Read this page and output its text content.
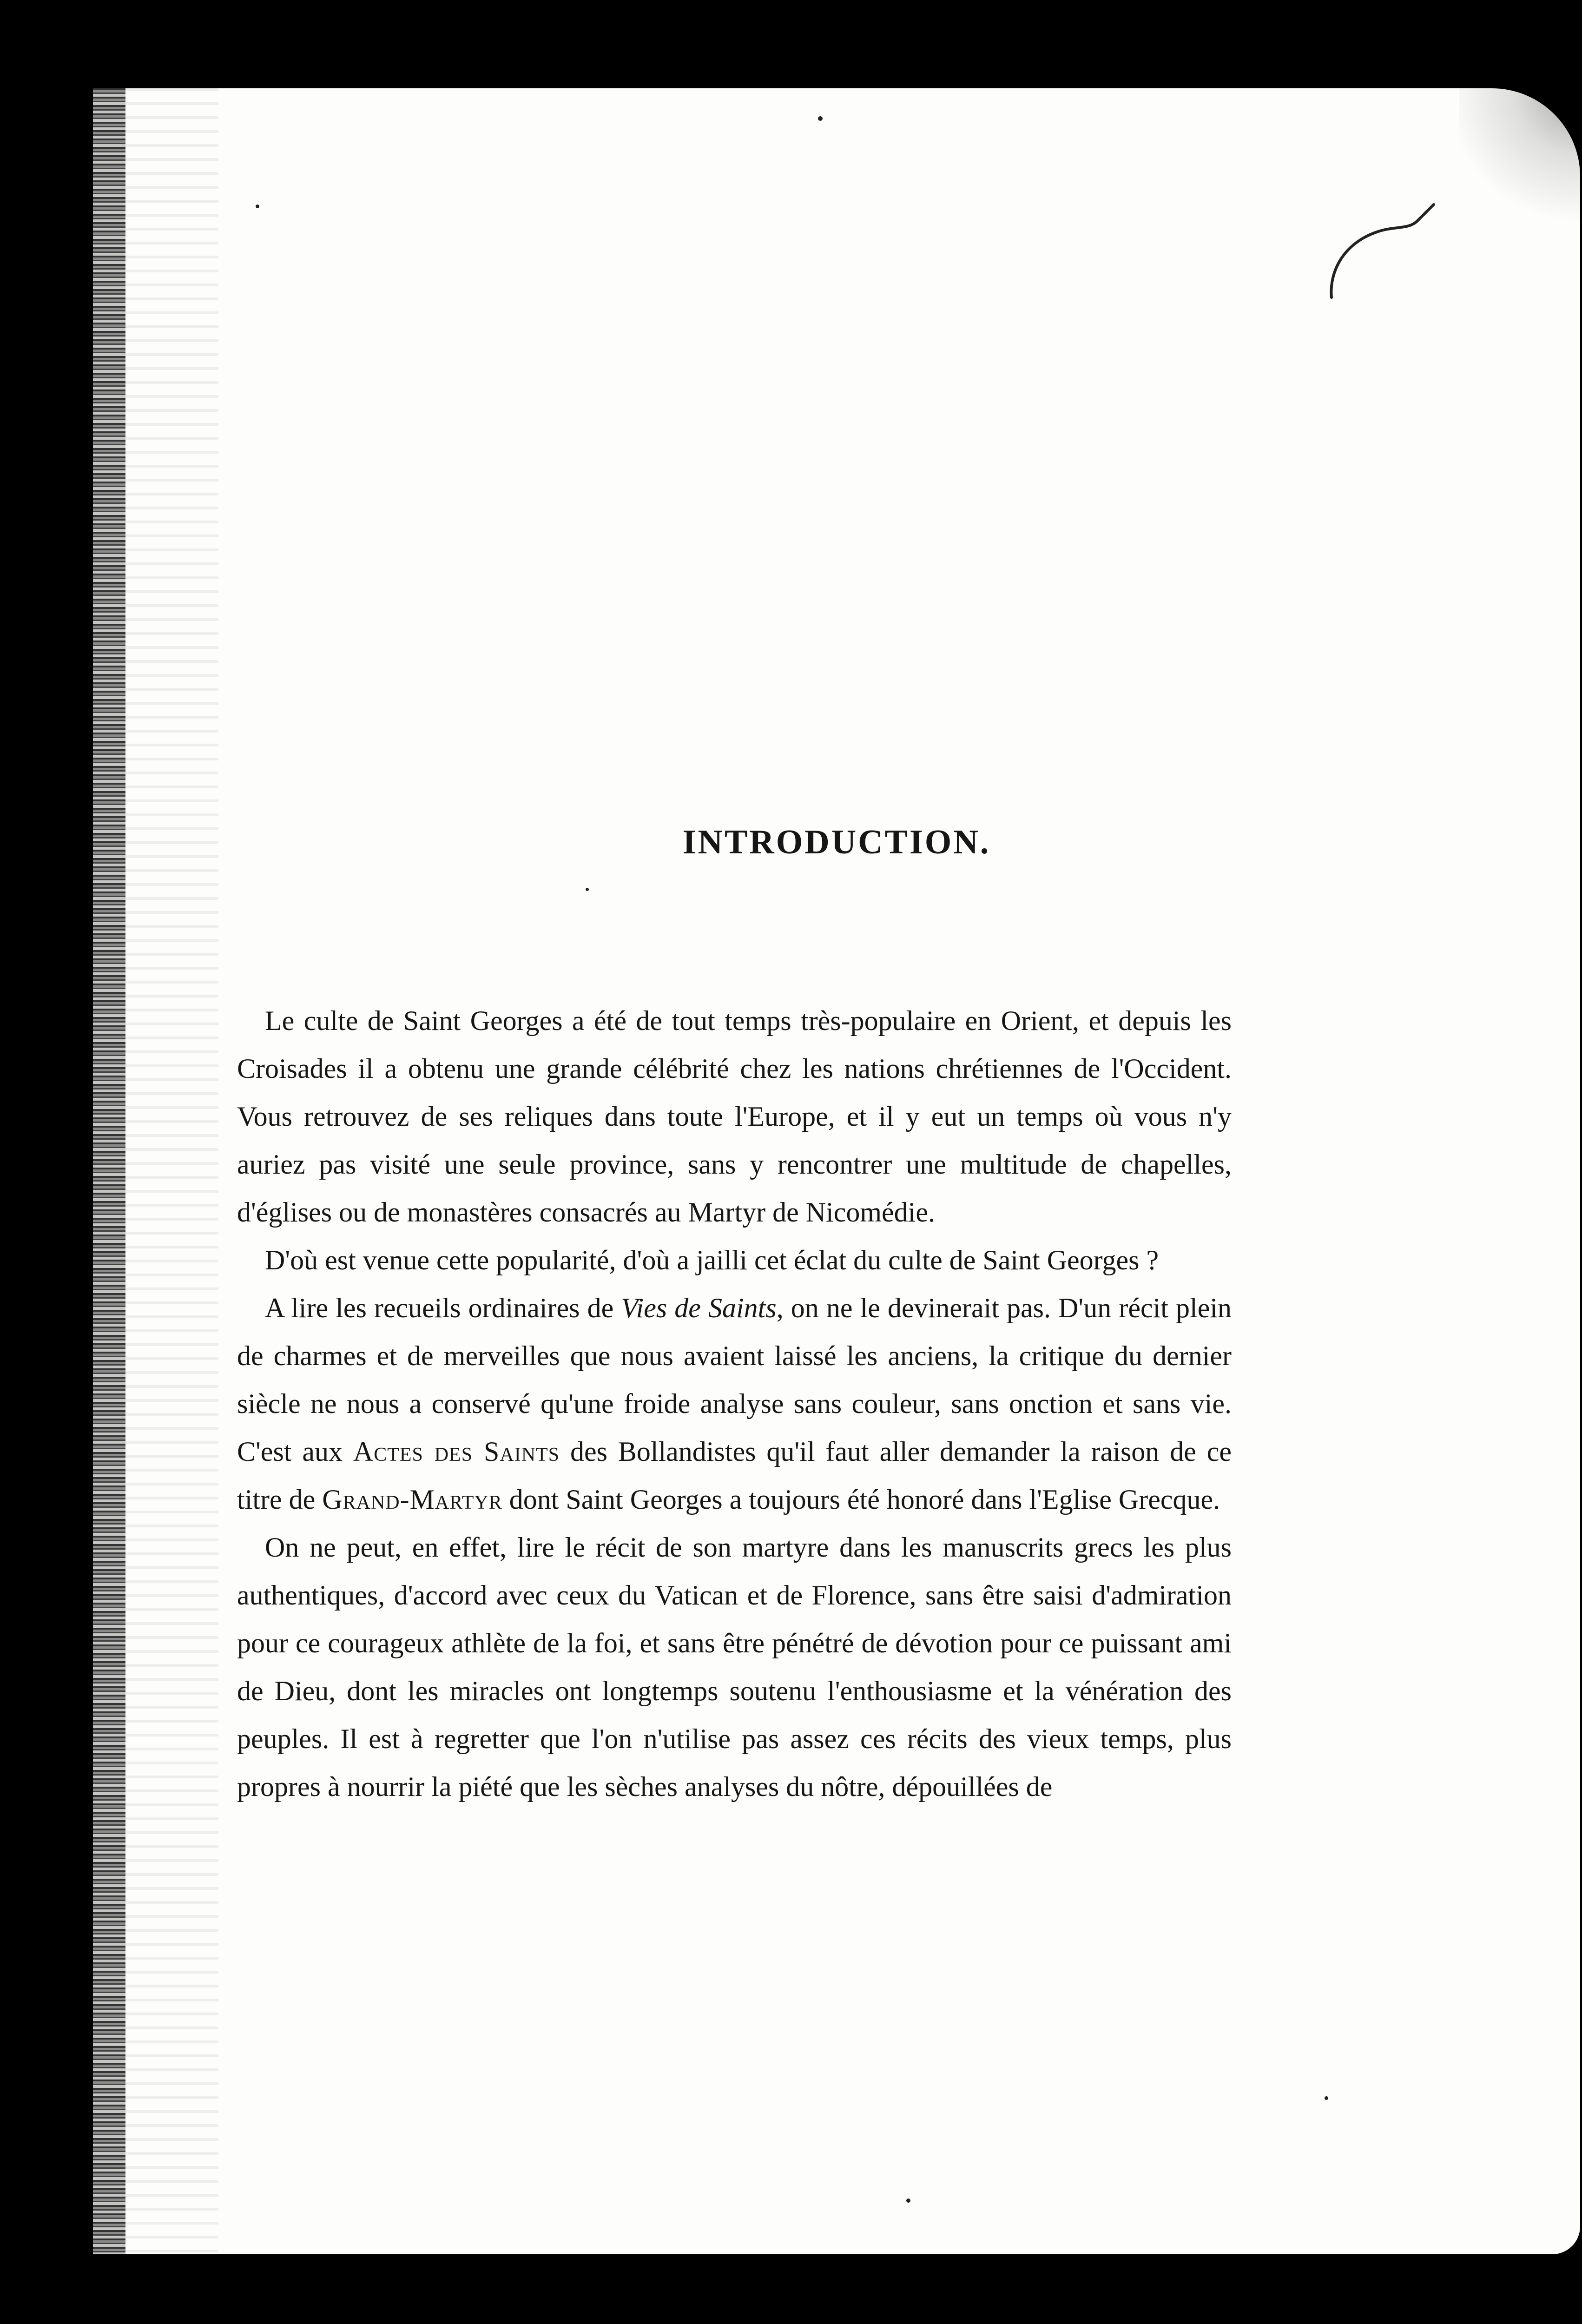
INTRODUCTION.

Le culte de Saint Georges a été de tout temps très-populaire en Orient, et depuis les Croisades il a obtenu une grande célébrité chez les nations chrétiennes de l'Occident. Vous retrouvez de ses reliques dans toute l'Europe, et il y eut un temps où vous n'y auriez pas visité une seule province, sans y rencontrer une multitude de chapelles, d'églises ou de monastères consacrés au Martyr de Nicomédie.

D'où est venue cette popularité, d'où a jailli cet éclat du culte de Saint Georges ?

A lire les recueils ordinaires de Vies de Saints, on ne le devinerait pas. D'un récit plein de charmes et de merveilles que nous avaient laissé les anciens, la critique du dernier siècle ne nous a conservé qu'une froide analyse sans couleur, sans onction et sans vie. C'est aux Actes des Saints des Bollandistes qu'il faut aller demander la raison de ce titre de Grand-Martyr dont Saint Georges a toujours été honoré dans l'Eglise Grecque.

On ne peut, en effet, lire le récit de son martyre dans les manuscrits grecs les plus authentiques, d'accord avec ceux du Vatican et de Florence, sans être saisi d'admiration pour ce courageux athlète de la foi, et sans être pénétré de dévotion pour ce puissant ami de Dieu, dont les miracles ont longtemps soutenu l'enthousiasme et la vénération des peuples. Il est à regretter que l'on n'utilise pas assez ces récits des vieux temps, plus propres à nourrir la piété que les sèches analyses du nôtre, dépouillées de
